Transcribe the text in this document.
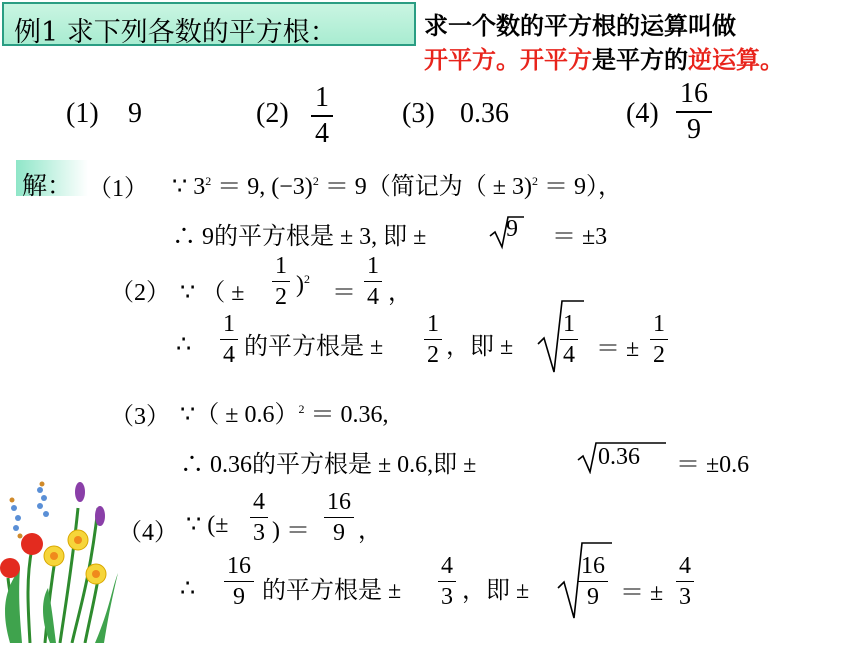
例1 求下列各数的平方根：	求一个数的平方根的运算叫做
开平方。开平方是平方的逆运算。
(1) 9	(2)
1
4
(3) 0.36	(4)
16
9
解： （1） ∵ $3^2 = 9$, $(-3)^2 = 9$（简记为（ ± 3)$^2$ ＝ 9），
∴ 9的平方根是 ± 3, 即 ±	9 ＝ ±3
（2） ∵ （ ±
1
2 )$^2$
＝
1
4 ，
∴
1
4 的平方根是 ±
1
2 ，即 ±
1
4 ＝ ±
1
2
（3） ∵（ ± 0.6）$^2$ ＝ 0.36,
∴ 0.36的平方根是 ± 0.6,即 ±	0.36 ＝ ±0.6
（4） ∵ (±
4
3 ) ＝
16
9 ，
∴
16
9 的平方根是 ±
4
3 ，即 ±
16
9 ＝ ±
4
3
